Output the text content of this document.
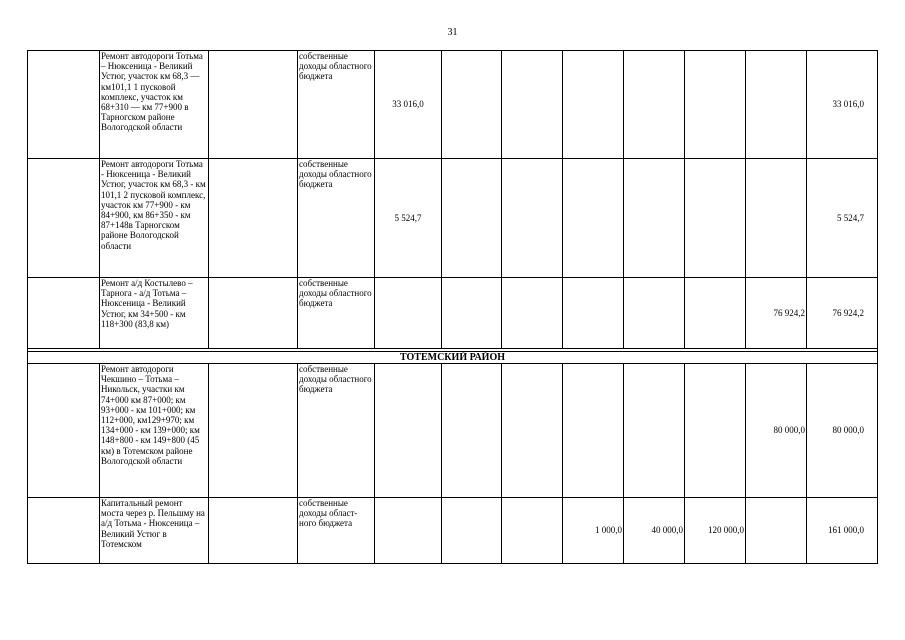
31
	Ремонт автодороги Тотьма – Нюксеница - Великий Устюг, участок км 68,3 — км101,1 1 пусковой комплекс, участок км 68+310 — км 77+900 в Тарногском районе Вологодской области		собственные доходы областного бюджета	33 016,0							33 016,0
	Ремонт автодороги Тотьма - Нюксеница - Великий Устюг, участок км 68,3 - км 101,1 2 пусковой комплекс, участок км 77+900 - км 84+900, км 86+350 - км 87+148в Тарногском районе Вологодской области		собственные доходы областного бюджета	5 524,7							5 524,7
	Ремонт а/д Костылево – Тарнога - а/д Тотьма – Нюксеница - Великий Устюг, км 34+500 - км 118+300 (83,8 км)		собственные доходы областного бюджета							76 924,2	76 924,2

ТОТЕМСКИЙ РАЙОН											
	Ремонт автодороги Чекшино – Тотьма – Никольск, участки км 74+000 км 87+000; км 93+000 - км 101+000; км 112+000, км129+970; км 134+000 - км 139+000; км 148+800 - км 149+800 (45 км) в Тотемском районе Вологодской области		собственные доходы областного бюджета							80 000,0	80 000,0
	Капитальный ремонт моста через р. Пельшму на а/д Тотьма - Нюксеница – Великий Устюг в Тотемском		собственные доходы област-ного бюджета				1 000,0	40 000,0	120 000,0		161 000,0
